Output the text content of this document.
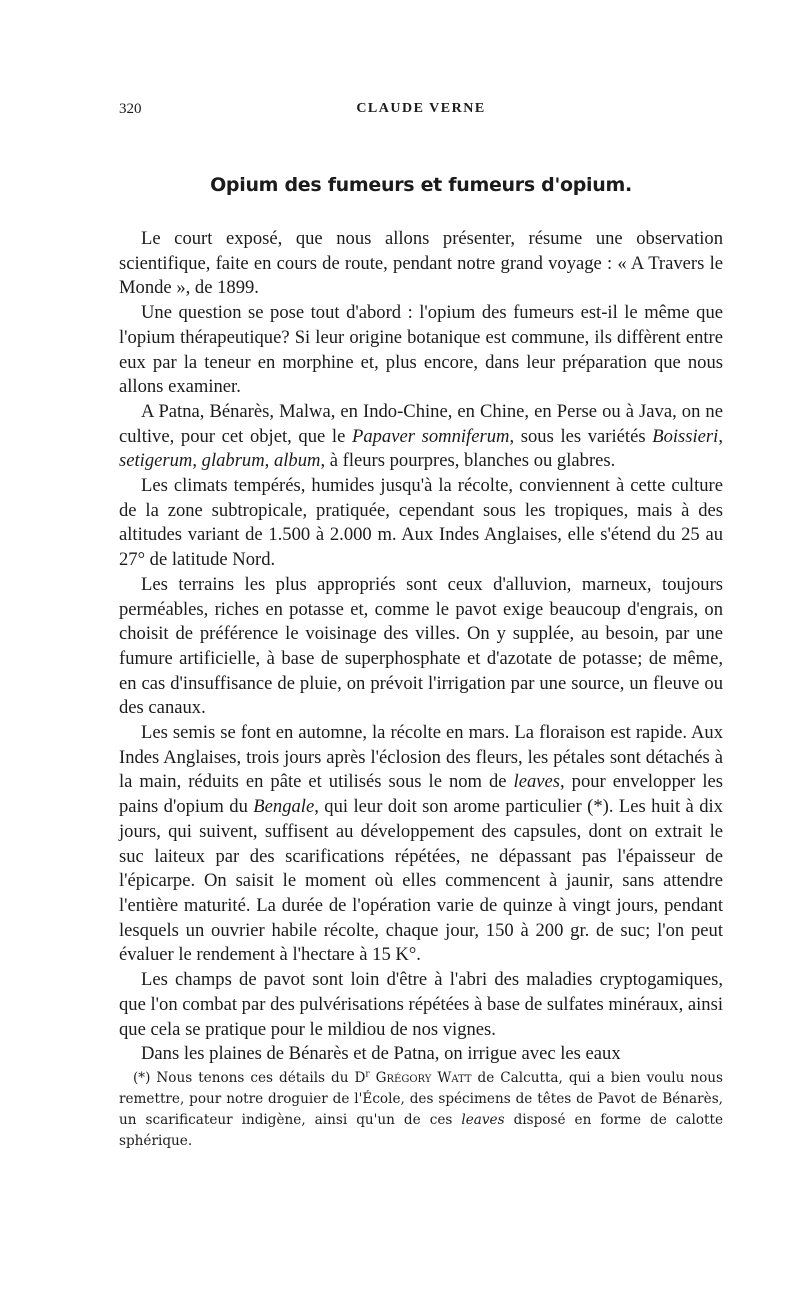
320	CLAUDE VERNE
Opium des fumeurs et fumeurs d'opium.

Le court exposé, que nous allons présenter, résume une observation scientifique, faite en cours de route, pendant notre grand voyage : « A Travers le Monde », de 1899.

Une question se pose tout d'abord : l'opium des fumeurs est-il le même que l'opium thérapeutique? Si leur origine botanique est commune, ils diffèrent entre eux par la teneur en morphine et, plus encore, dans leur préparation que nous allons examiner.

A Patna, Bénarès, Malwa, en Indo-Chine, en Chine, en Perse ou à Java, on ne cultive, pour cet objet, que le Papaver somniferum, sous les variétés Boissieri, setigerum, glabrum, album, à fleurs pourpres, blanches ou glabres.

Les climats tempérés, humides jusqu'à la récolte, conviennent à cette culture de la zone subtropicale, pratiquée, cependant sous les tropiques, mais à des altitudes variant de 1.500 à 2.000 m. Aux Indes Anglaises, elle s'étend du 25 au 27° de latitude Nord.

Les terrains les plus appropriés sont ceux d'alluvion, marneux, toujours perméables, riches en potasse et, comme le pavot exige beaucoup d'engrais, on choisit de préférence le voisinage des villes. On y supplée, au besoin, par une fumure artificielle, à base de superphosphate et d'azotate de potasse; de même, en cas d'insuffisance de pluie, on prévoit l'irrigation par une source, un fleuve ou des canaux.

Les semis se font en automne, la récolte en mars. La floraison est rapide. Aux Indes Anglaises, trois jours après l'éclosion des fleurs, les pétales sont détachés à la main, réduits en pâte et utilisés sous le nom de leaves, pour envelopper les pains d'opium du Bengale, qui leur doit son arome particulier (*). Les huit à dix jours, qui suivent, suffisent au développement des capsules, dont on extrait le suc laiteux par des scarifications répétées, ne dépassant pas l'épaisseur de l'épicarpe. On saisit le moment où elles commencent à jaunir, sans attendre l'entière maturité. La durée de l'opération varie de quinze à vingt jours, pendant lesquels un ouvrier habile récolte, chaque jour, 150 à 200 gr. de suc; l'on peut évaluer le rendement à l'hectare à 15 K°.

Les champs de pavot sont loin d'être à l'abri des maladies cryptogamiques, que l'on combat par des pulvérisations répétées à base de sulfates minéraux, ainsi que cela se pratique pour le mildiou de nos vignes.

Dans les plaines de Bénarès et de Patna, on irrigue avec les eaux

(*) Nous tenons ces détails du $D^r$ Grégory Watt de Calcutta, qui a bien voulu nous remettre, pour notre droguier de l'École, des spécimens de têtes de Pavot de Bénarès, un scarificateur indigène, ainsi qu'un de ces leaves disposé en forme de calotte sphérique.
